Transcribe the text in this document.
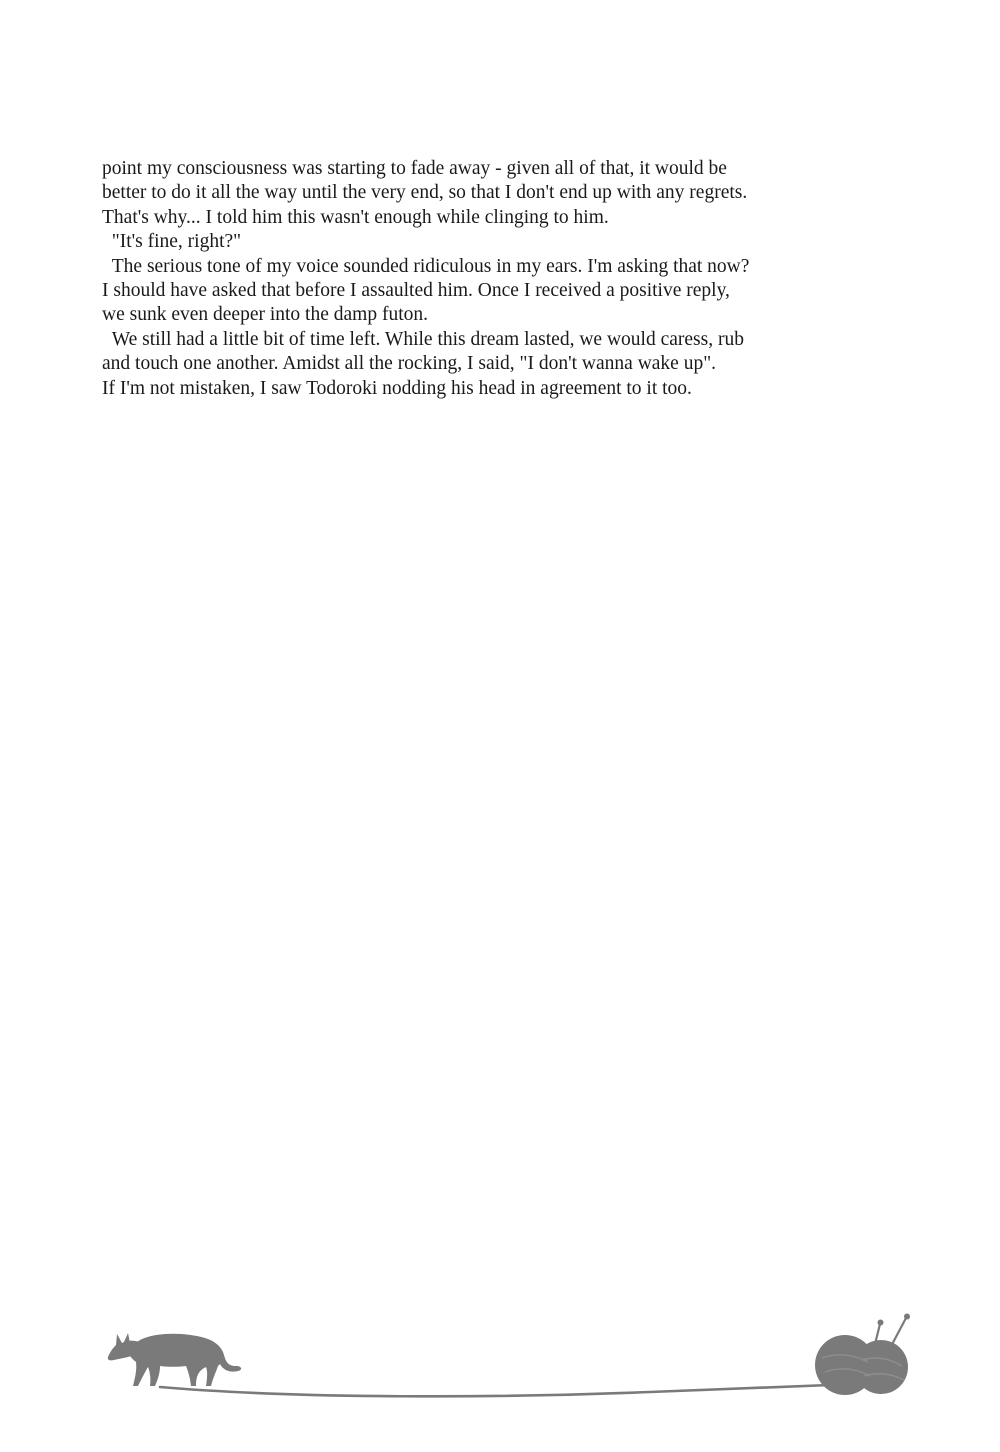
point my consciousness was starting to fade away - given all of that, it would be
better to do it all the way until the very end, so that I don't end up with any regrets.
That's why... I told him this wasn't enough while clinging to him.
"It's fine, right?"
The serious tone of my voice sounded ridiculous in my ears. I'm asking that now?
I should have asked that before I assaulted him. Once I received a positive reply,
we sunk even deeper into the damp futon.
We still had a little bit of time left. While this dream lasted, we would caress, rub
and touch one another. Amidst all the rocking, I said, "I don't wanna wake up".
If I'm not mistaken, I saw Todoroki nodding his head in agreement to it too.
